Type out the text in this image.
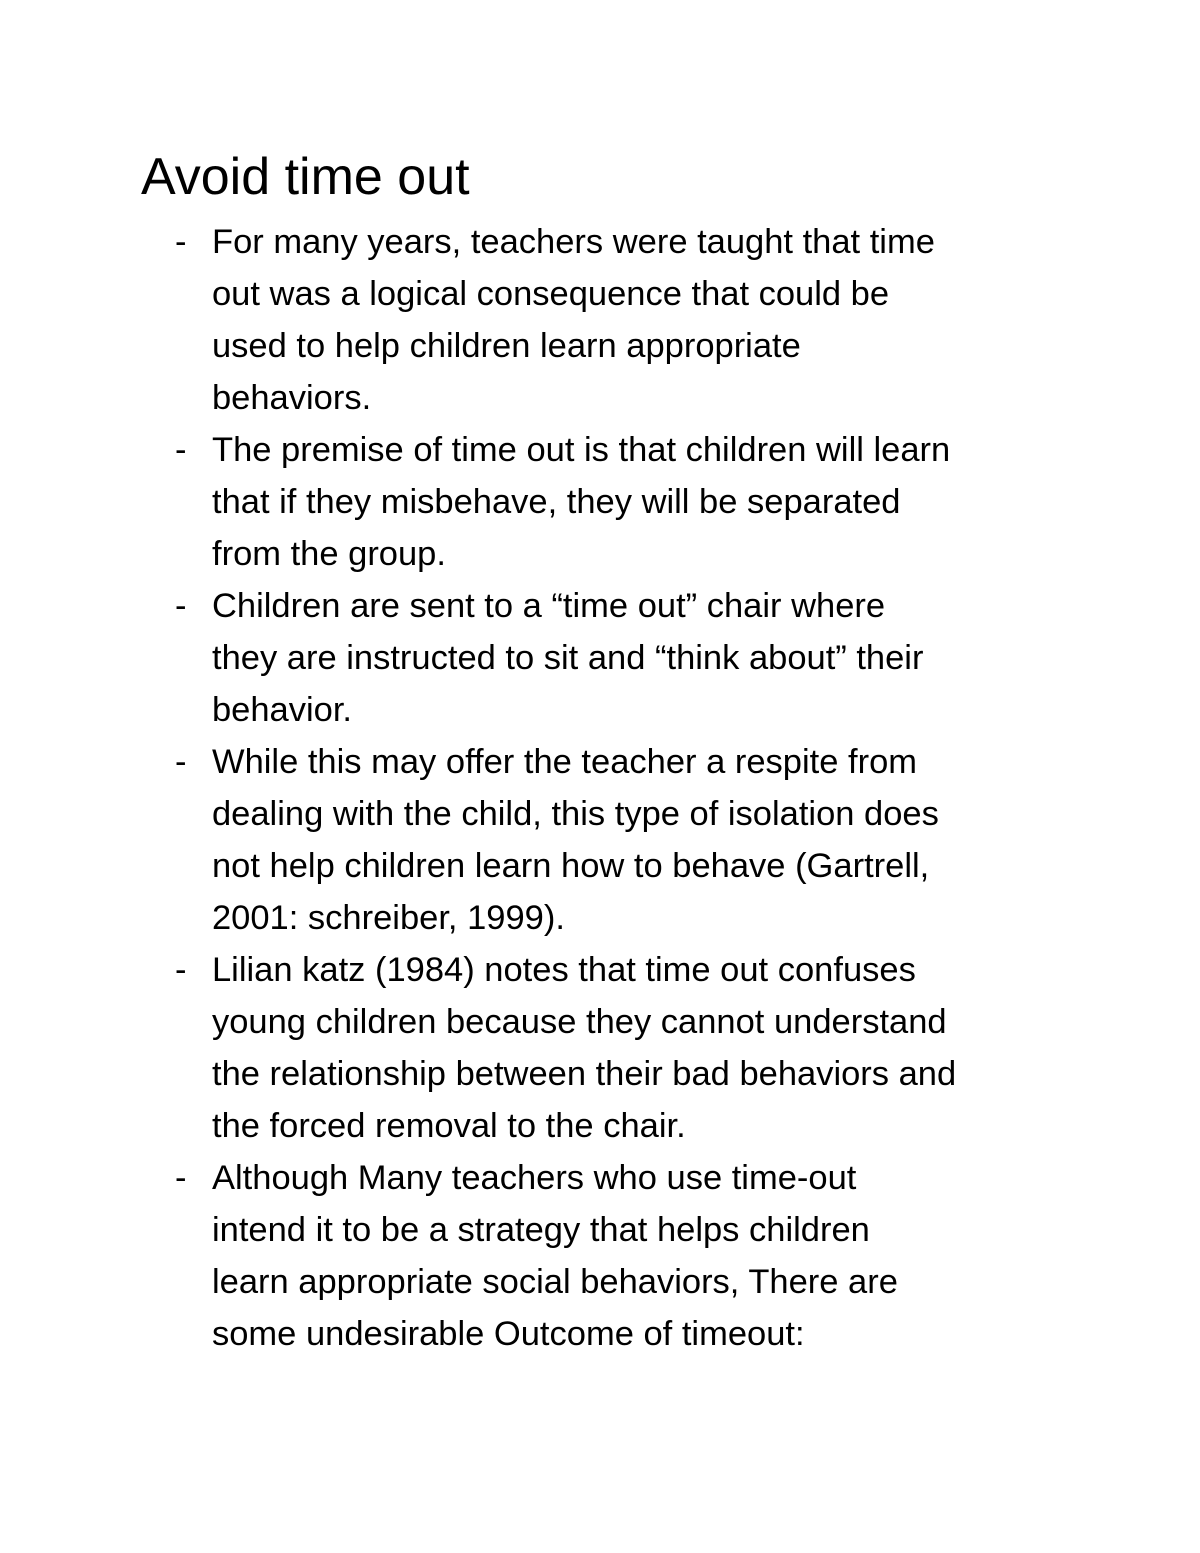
Avoid time out
- For many years, teachers were taught that time
out was a logical consequence that could be
used to help children learn appropriate
behaviors.
- The premise of time out is that children will learn
that if they misbehave, they will be separated
from the group.
- Children are sent to a “time out” chair where
they are instructed to sit and “think about” their
behavior.
- While this may offer the teacher a respite from
dealing with the child, this type of isolation does
not help children learn how to behave (Gartrell,
2001: schreiber, 1999).
- Lilian katz (1984) notes that time out confuses
young children because they cannot understand
the relationship between their bad behaviors and
the forced removal to the chair.
- Although Many teachers who use time-out
intend it to be a strategy that helps children
learn appropriate social behaviors, There are
some undesirable Outcome of timeout:
